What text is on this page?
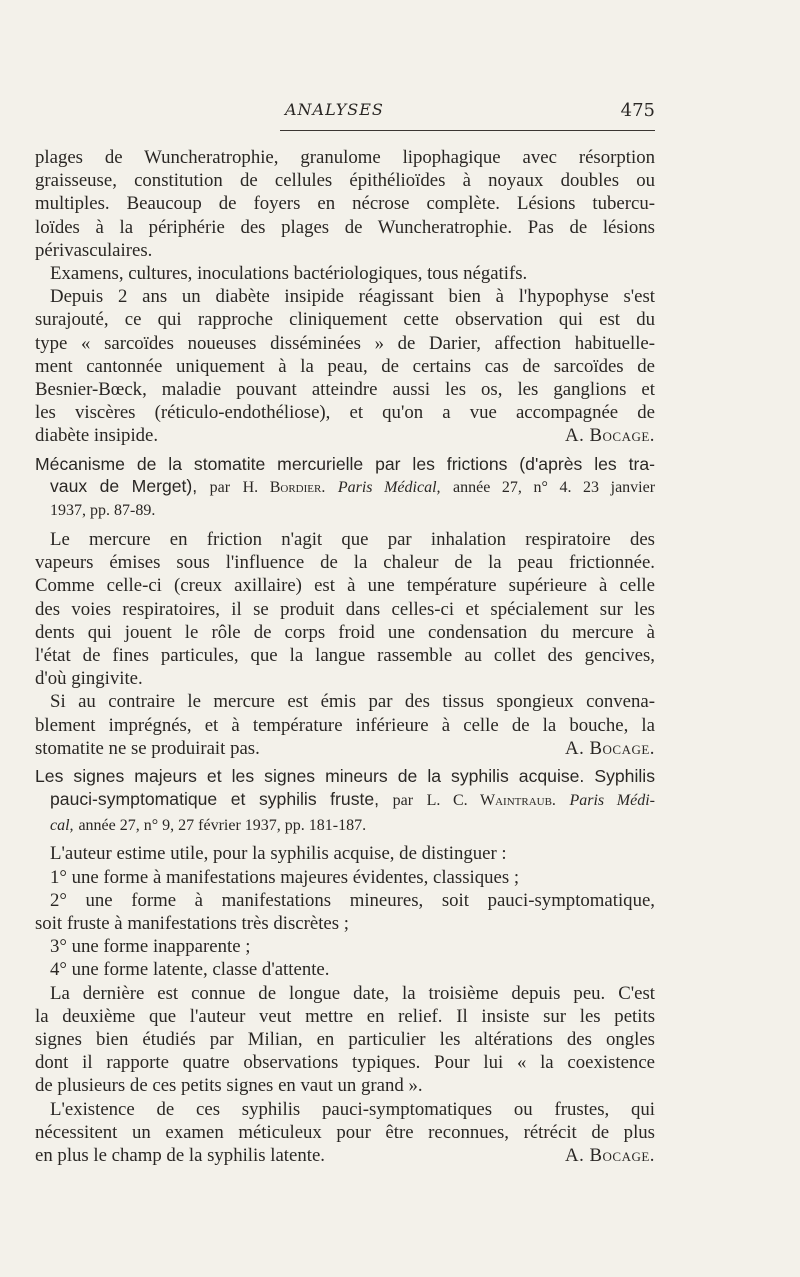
ANALYSES	475
plages de Wuncheratrophie, granulome lipophagique avec résorption
graisseuse, constitution de cellules épithélioïdes à noyaux doubles ou
multiples. Beaucoup de foyers en nécrose complète. Lésions tubercu-
loïdes à la périphérie des plages de Wuncheratrophie. Pas de lésions
périvasculaires.
Examens, cultures, inoculations bactériologiques, tous négatifs.
Depuis 2 ans un diabète insipide réagissant bien à l'hypophyse s'est
surajouté, ce qui rapproche cliniquement cette observation qui est du
type « sarcoïdes noueuses disséminées » de Darier, affection habituelle-
ment cantonnée uniquement à la peau, de certains cas de sarcoïdes de
Besnier-Bœck, maladie pouvant atteindre aussi les os, les ganglions et
les viscères (réticulo-endothéliose), et qu'on a vue accompagnée de
diabète insipide.	A. Bocage.
Mécanisme de la stomatite mercurielle par les frictions (d'après les tra-
vaux de Merget), par H. Bordier. Paris Médical, année 27, n° 4. 23 janvier
1937, pp. 87-89.
Le mercure en friction n'agit que par inhalation respiratoire des
vapeurs émises sous l'influence de la chaleur de la peau frictionnée.
Comme celle-ci (creux axillaire) est à une température supérieure à celle
des voies respiratoires, il se produit dans celles-ci et spécialement sur les
dents qui jouent le rôle de corps froid une condensation du mercure à
l'état de fines particules, que la langue rassemble au collet des gencives,
d'où gingivite.
Si au contraire le mercure est émis par des tissus spongieux convena-
blement imprégnés, et à température inférieure à celle de la bouche, la
stomatite ne se produirait pas.	A. Bocage.
Les signes majeurs et les signes mineurs de la syphilis acquise. Syphilis
pauci-symptomatique et syphilis fruste, par L. C. Waintraub. Paris Médi-
cal, année 27, n° 9, 27 février 1937, pp. 181-187.
L'auteur estime utile, pour la syphilis acquise, de distinguer :
1° une forme à manifestations majeures évidentes, classiques ;
2° une forme à manifestations mineures, soit pauci-symptomatique,
soit fruste à manifestations très discrètes ;
3° une forme inapparente ;
4° une forme latente, classe d'attente.
La dernière est connue de longue date, la troisième depuis peu. C'est
la deuxième que l'auteur veut mettre en relief. Il insiste sur les petits
signes bien étudiés par Milian, en particulier les altérations des ongles
dont il rapporte quatre observations typiques. Pour lui « la coexistence
de plusieurs de ces petits signes en vaut un grand ».
L'existence de ces syphilis pauci-symptomatiques ou frustes, qui
nécessitent un examen méticuleux pour être reconnues, rétrécit de plus
en plus le champ de la syphilis latente.	A. Bocage.
